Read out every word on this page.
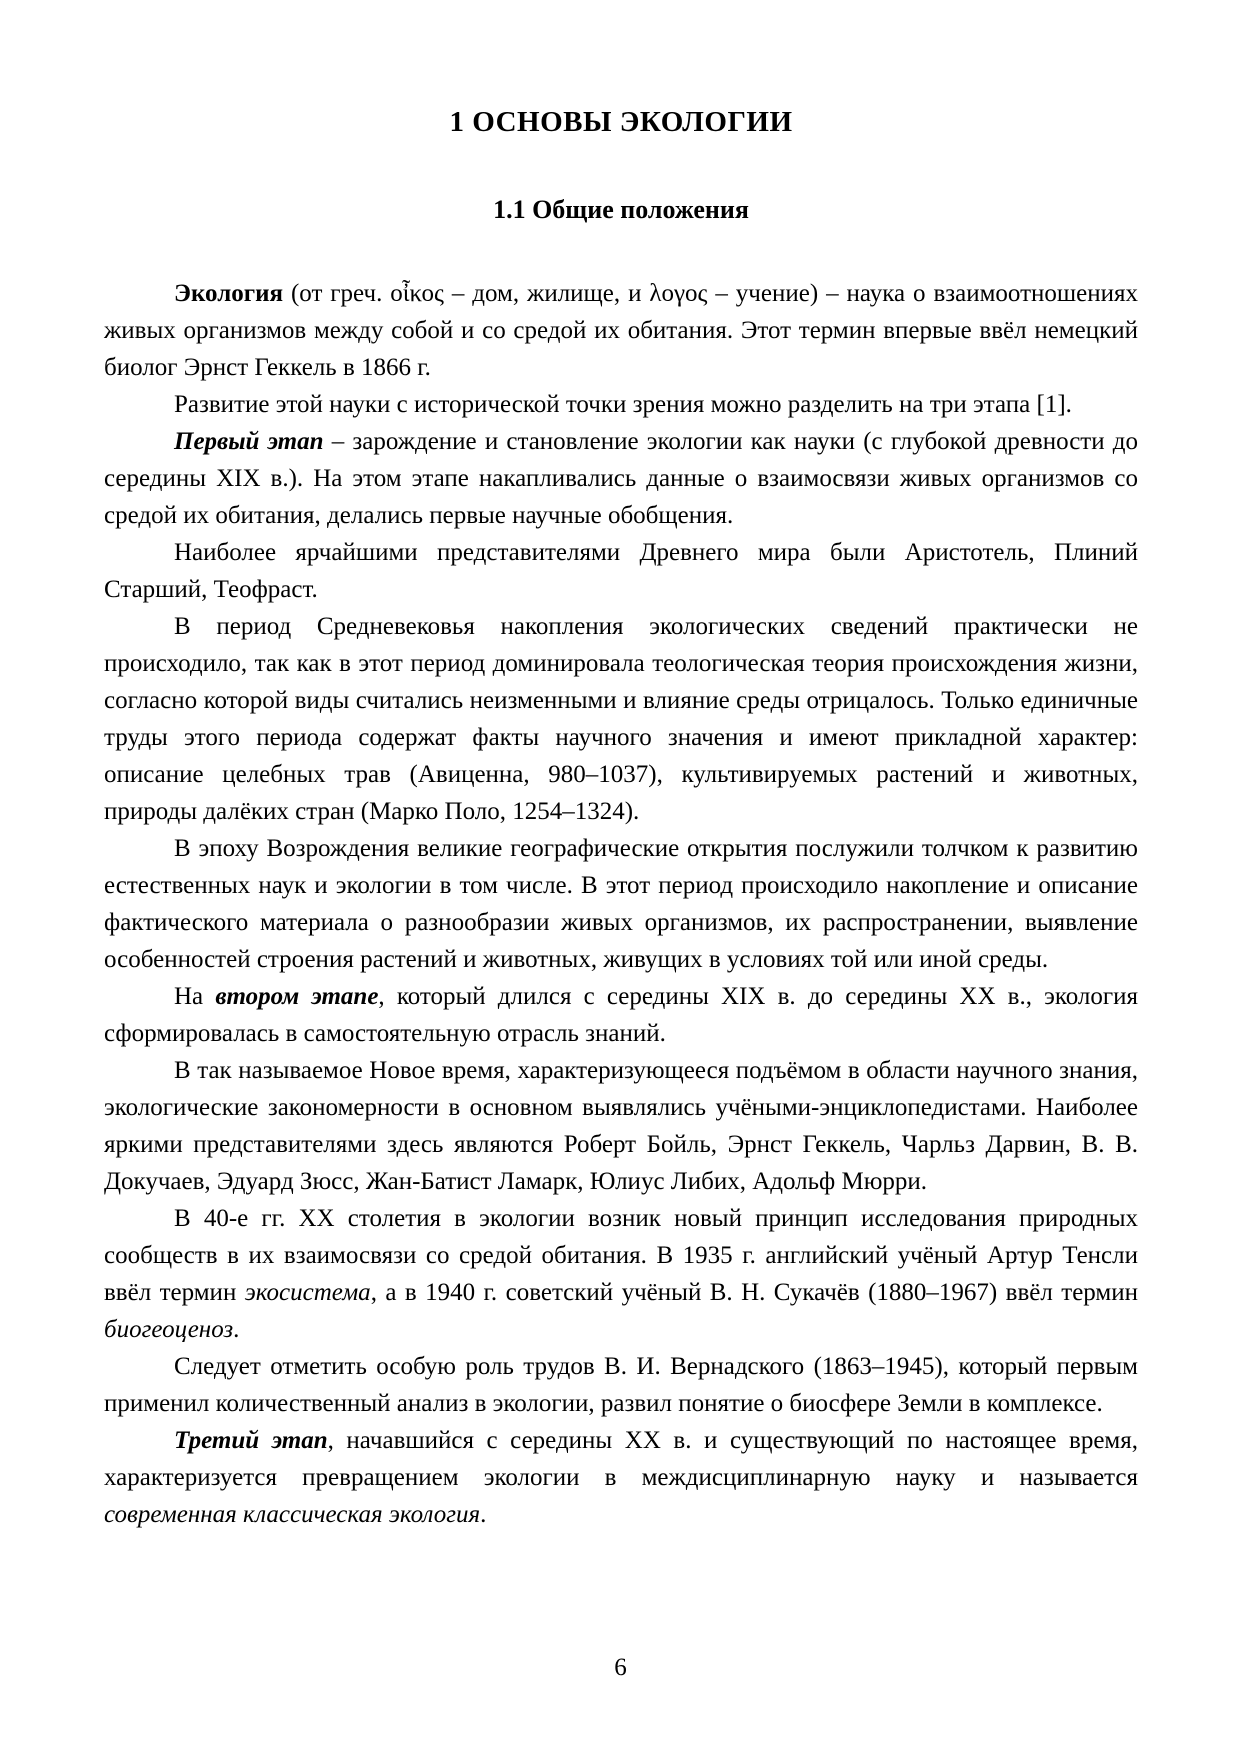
1 ОСНОВЫ ЭКОЛОГИИ
1.1 Общие положения

Экология (от греч. οἶκος – дом, жилище, и λογος – учение) – наука о взаимоотношениях живых организмов между собой и со средой их обитания. Этот термин впервые ввёл немецкий биолог Эрнст Геккель в 1866 г.

Развитие этой науки с исторической точки зрения можно разделить на три этапа [1].

Первый этап – зарождение и становление экологии как науки (с глубокой древности до середины XIX в.). На этом этапе накапливались данные о взаимосвязи живых организмов со средой их обитания, делались первые научные обобщения.

Наиболее ярчайшими представителями Древнего мира были Аристотель, Плиний Старший, Теофраст.

В период Средневековья накопления экологических сведений практически не происходило, так как в этот период доминировала теологическая теория происхождения жизни, согласно которой виды считались неизменными и влияние среды отрицалось. Только единичные труды этого периода содержат факты научного значения и имеют прикладной характер: описание целебных трав (Авиценна, 980–1037), культивируемых растений и животных, природы далёких стран (Марко Поло, 1254–1324).

В эпоху Возрождения великие географические открытия послужили толчком к развитию естественных наук и экологии в том числе. В этот период происходило накопление и описание фактического материала о разнообразии живых организмов, их распространении, выявление особенностей строения растений и животных, живущих в условиях той или иной среды.

На втором этапе, который длился с середины XIX в. до середины XX в., экология сформировалась в самостоятельную отрасль знаний.

В так называемое Новое время, характеризующееся подъёмом в области научного знания, экологические закономерности в основном выявлялись учёными-энциклопедистами. Наиболее яркими представителями здесь являются Роберт Бойль, Эрнст Геккель, Чарльз Дарвин, В. В. Докучаев, Эдуард Зюсс, Жан-Батист Ламарк, Юлиус Либих, Адольф Мюрри.

В 40-е гг. XX столетия в экологии возник новый принцип исследования природных сообществ в их взаимосвязи со средой обитания. В 1935 г. английский учёный Артур Тенсли ввёл термин экосистема, а в 1940 г. советский учёный В. Н. Сукачёв (1880–1967) ввёл термин биогеоценоз.

Следует отметить особую роль трудов В. И. Вернадского (1863–1945), который первым применил количественный анализ в экологии, развил понятие о биосфере Земли в комплексе.

Третий этап, начавшийся с середины XX в. и существующий по настоящее время, характеризуется превращением экологии в междисциплинарную науку и называется современная классическая экология.

6
